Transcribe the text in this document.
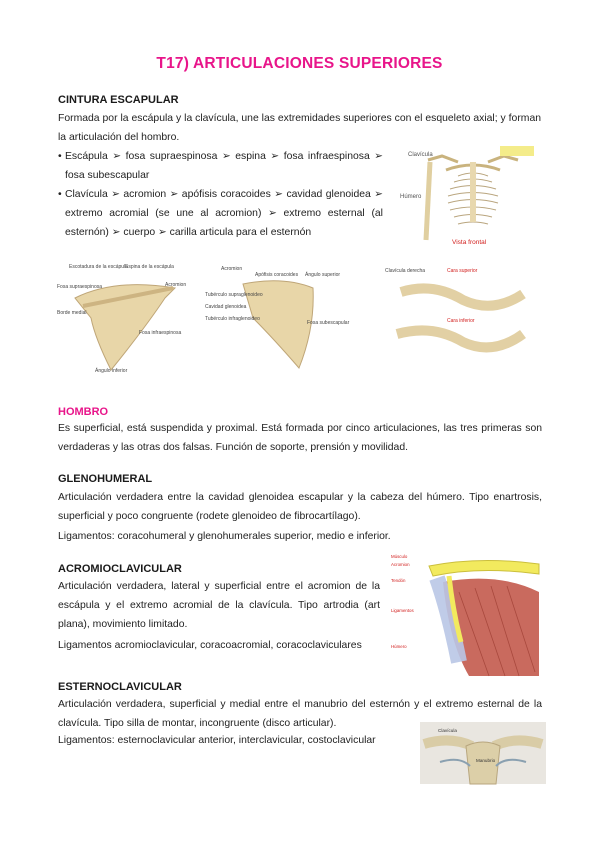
T17) ARTICULACIONES SUPERIORES
CINTURA ESCAPULAR
Formada por la escápula y la clavícula, une las extremidades superiores con el esqueleto axial; y forman la articulación del hombro.
• Escápula ➢ fosa supraespinosa ➢ espina ➢ fosa infraespinosa ➢ fosa subescapular
• Clavícula ➢ acromion ➢ apófisis coracoides ➢ cavidad glenoidea ➢ extremo acromial (se une al acromion) ➢ extremo esternal (al esternón) ➢ cuerpo ➢ carilla articula para el esternón
Clavícula
Húmero
Vista frontal
Escotadura de la escápula
Espina de la escápula
Acromion
Fosa supraespinosa
Borde medial
Fosa infraespinosa
Ángulo inferior
Acromion
Apófisis coracoides Ángulo superior
Tubérculo supraglenoideo
Cavidad glenoidea
Tubérculo infraglenoideo
Fosa subescapular
Clavícula derecha	Cara superior
Cara inferior
HOMBRO
Es superficial, está suspendida y proximal. Está formada por cinco articulaciones, las tres primeras son verdaderas y las otras dos falsas. Función de soporte, prensión y movilidad.
GLENOHUMERAL
Articulación verdadera entre la cavidad glenoidea escapular y la cabeza del húmero. Tipo enartrosis, superficial y poco congruente (rodete glenoideo de fibrocartílago).
Ligamentos: coracohumeral y glenohumerales superior, medio e inferior.
Músculo
Acromion
Tendón
Ligamentos
Húmero
ACROMIOCLAVICULAR
Articulación verdadera, lateral y superficial entre el acromion de la escápula y el extremo acromial de la clavícula. Tipo artrodia (art plana), movimiento limitado.
Ligamentos acromioclavicular, coracoacromial, coracoclaviculares
ESTERNOCLAVICULAR
Articulación verdadera, superficial y medial entre el manubrio del esternón y el extremo esternal de la clavícula. Tipo silla de montar, incongruente (disco articular).
Ligamentos: esternoclavicular anterior, interclavicular, costoclavicular
Clavícula
Manubrio
